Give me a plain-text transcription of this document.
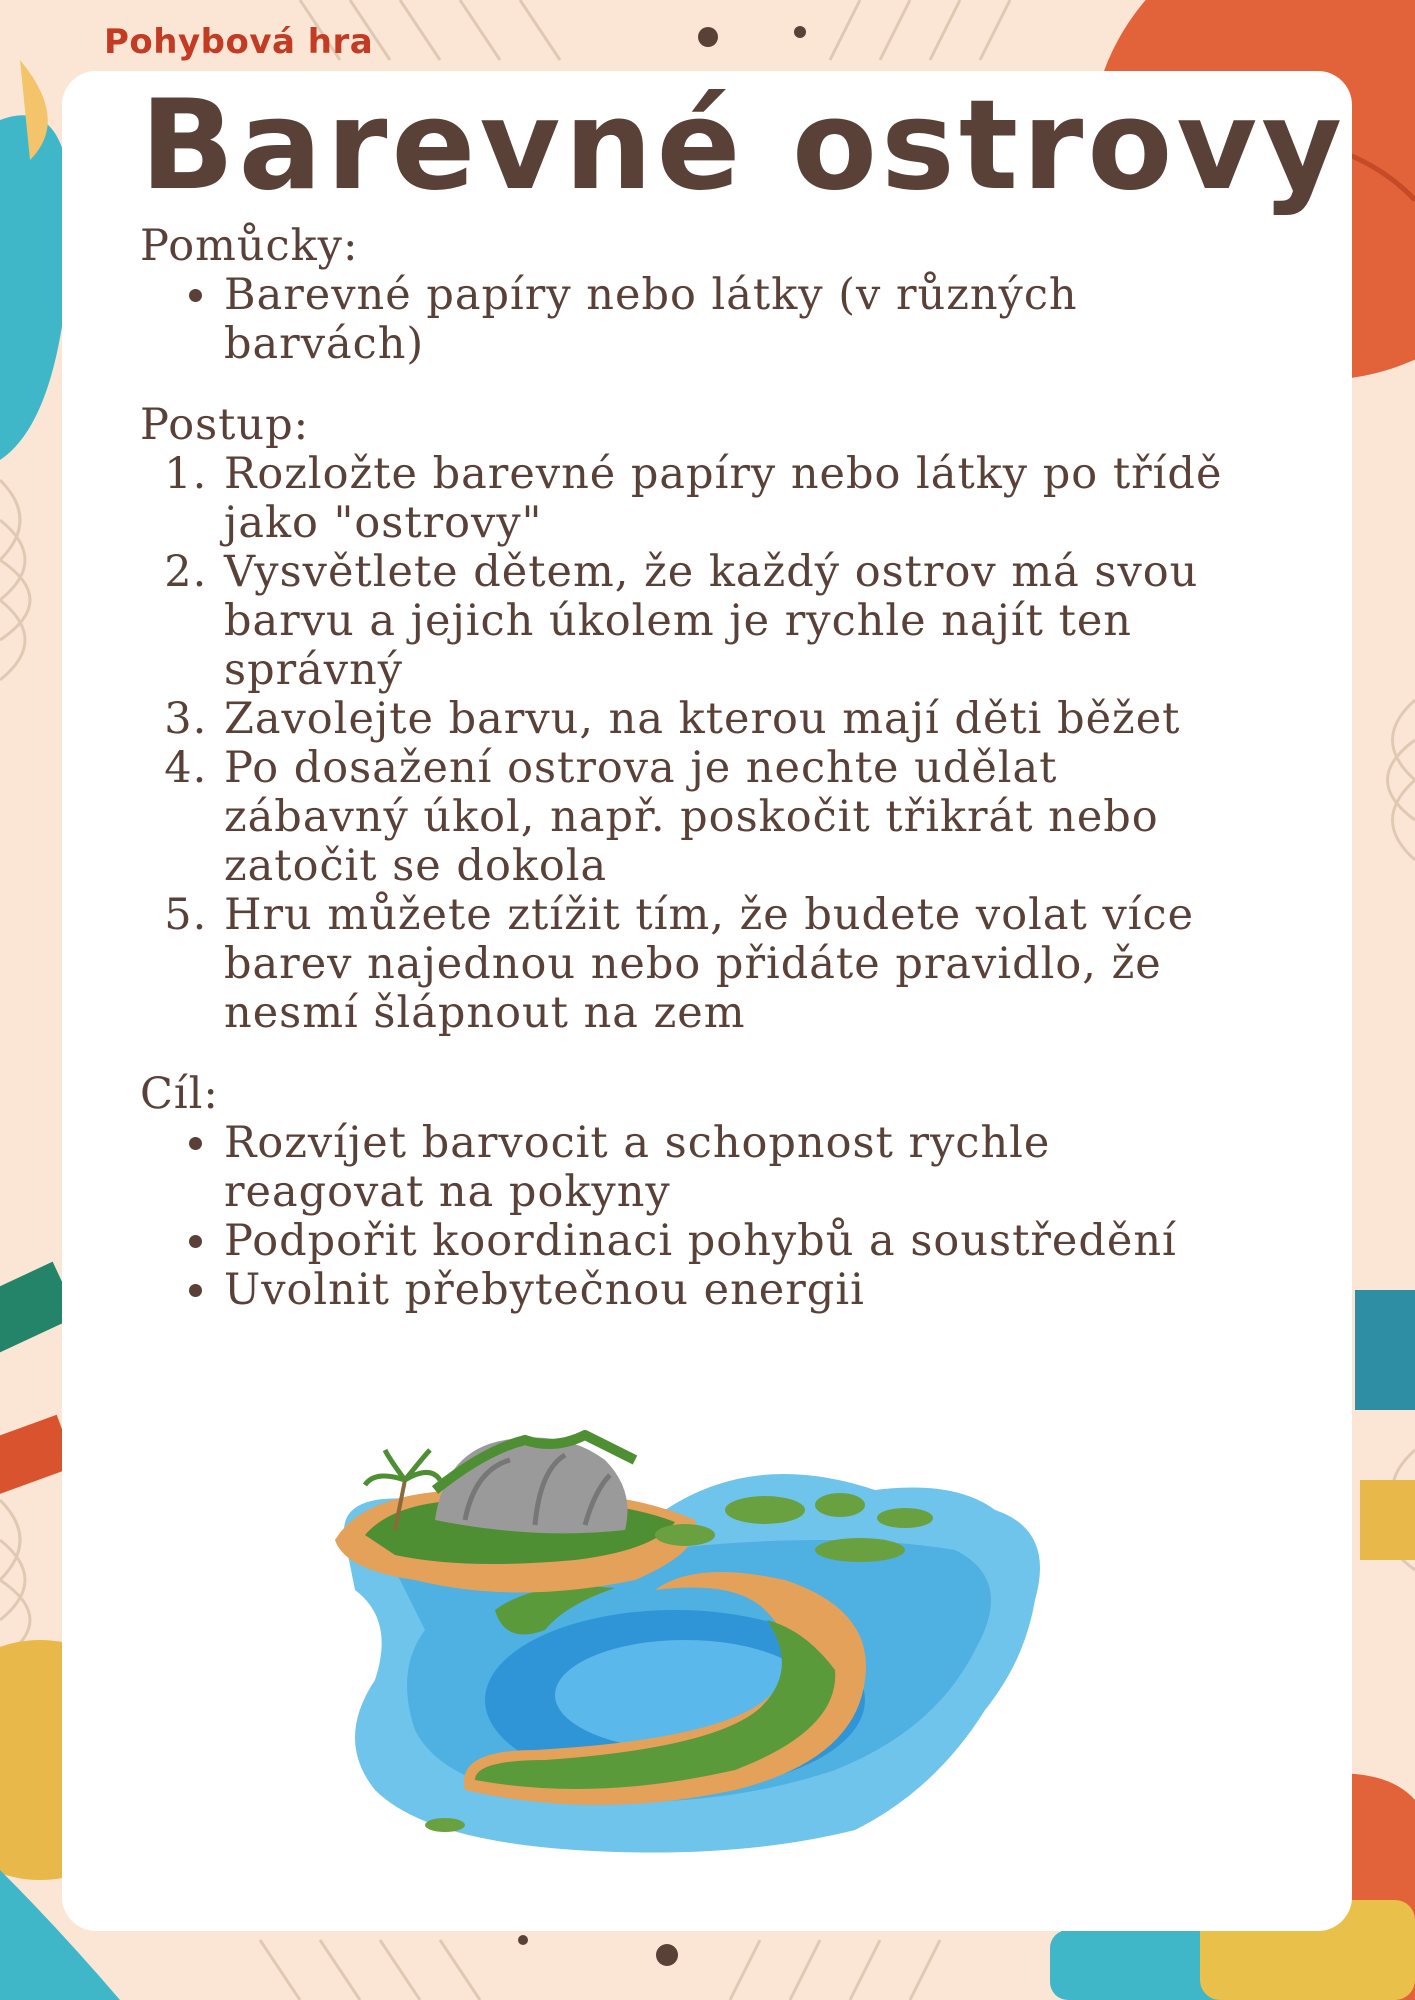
Pohybová hra
Barevné ostrovy
Pomůcky:
• Barevné papíry nebo látky (v různých barvách)
Postup:
1. Rozložte barevné papíry nebo látky po třídě jako "ostrovy"
2. Vysvětlete dětem, že každý ostrov má svou barvu a jejich úkolem je rychle najít ten správný
3. Zavolejte barvu, na kterou mají děti běžet
4. Po dosažení ostrova je nechte udělat zábavný úkol, např. poskočit třikrát nebo zatočit se dokola
5. Hru můžete ztížit tím, že budete volat více barev najednou nebo přidáte pravidlo, že nesmí šlápnout na zem
Cíl:
• Rozvíjet barvocit a schopnost rychle reagovat na pokyny
• Podpořit koordinaci pohybů a soustředění
• Uvolnit přebytečnou energii
